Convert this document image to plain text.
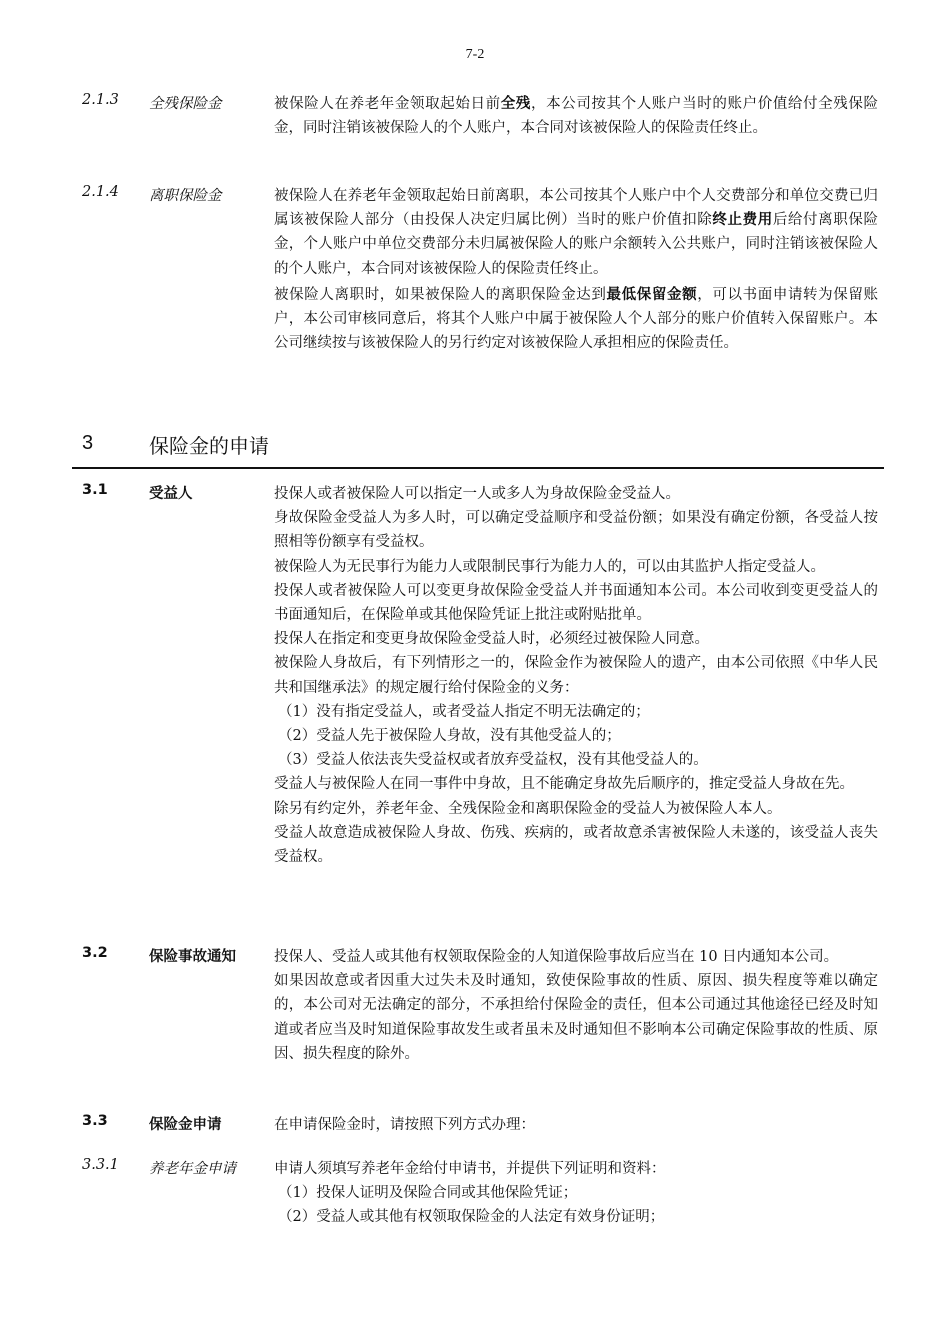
7-2
2.1.3 全残保险金	被保险人在养老年金领取起始日前全残，本公司按其个人账户当时的账户价值给付全残保险金，同时注销该被保险人的个人账户，本合同对该被保险人的保险责任终止。

2.1.4 离职保险金	被保险人在养老年金领取起始日前离职，本公司按其个人账户中个人交费部分和单位交费已归属该被保险人部分（由投保人决定归属比例）当时的账户价值扣除终止费用后给付离职保险金，个人账户中单位交费部分未归属被保险人的账户余额转入公共账户，同时注销该被保险人的个人账户，本合同对该被保险人的保险责任终止。

被保险人离职时，如果被保险人的离职保险金达到最低保留金额，可以书面申请转为保留账户，本公司审核同意后，将其个人账户中属于被保险人个人部分的账户价值转入保留账户。本公司继续按与该被保险人的另行约定对该被保险人承担相应的保险责任。

3	保险金的申请
3.1	受益人	投保人或者被保险人可以指定一人或多人为身故保险金受益人。

身故保险金受益人为多人时，可以确定受益顺序和受益份额；如果没有确定份额，各受益人按照相等份额享有受益权。

被保险人为无民事行为能力人或限制民事行为能力人的，可以由其监护人指定受益人。

投保人或者被保险人可以变更身故保险金受益人并书面通知本公司。本公司收到变更受益人的书面通知后，在保险单或其他保险凭证上批注或附贴批单。

投保人在指定和变更身故保险金受益人时，必须经过被保险人同意。

被保险人身故后，有下列情形之一的，保险金作为被保险人的遗产，由本公司依照《中华人民共和国继承法》的规定履行给付保险金的义务：

（1）没有指定受益人，或者受益人指定不明无法确定的；

（2）受益人先于被保险人身故，没有其他受益人的；

（3）受益人依法丧失受益权或者放弃受益权，没有其他受益人的。

受益人与被保险人在同一事件中身故，且不能确定身故先后顺序的，推定受益人身故在先。

除另有约定外，养老年金、全残保险金和离职保险金的受益人为被保险人本人。

受益人故意造成被保险人身故、伤残、疾病的，或者故意杀害被保险人未遂的，该受益人丧失受益权。

3.2	保险事故通知	投保人、受益人或其他有权领取保险金的人知道保险事故后应当在 10 日内通知本公司。

如果因故意或者因重大过失未及时通知，致使保险事故的性质、原因、损失程度等难以确定的，本公司对无法确定的部分，不承担给付保险金的责任，但本公司通过其他途径已经及时知道或者应当及时知道保险事故发生或者虽未及时通知但不影响本公司确定保险事故的性质、原因、损失程度的除外。

3.3	保险金申请	在申请保险金时，请按照下列方式办理：

3.3.1 养老年金申请	申请人须填写养老年金给付申请书，并提供下列证明和资料：

（1）投保人证明及保险合同或其他保险凭证；

（2）受益人或其他有权领取保险金的人法定有效身份证明；
